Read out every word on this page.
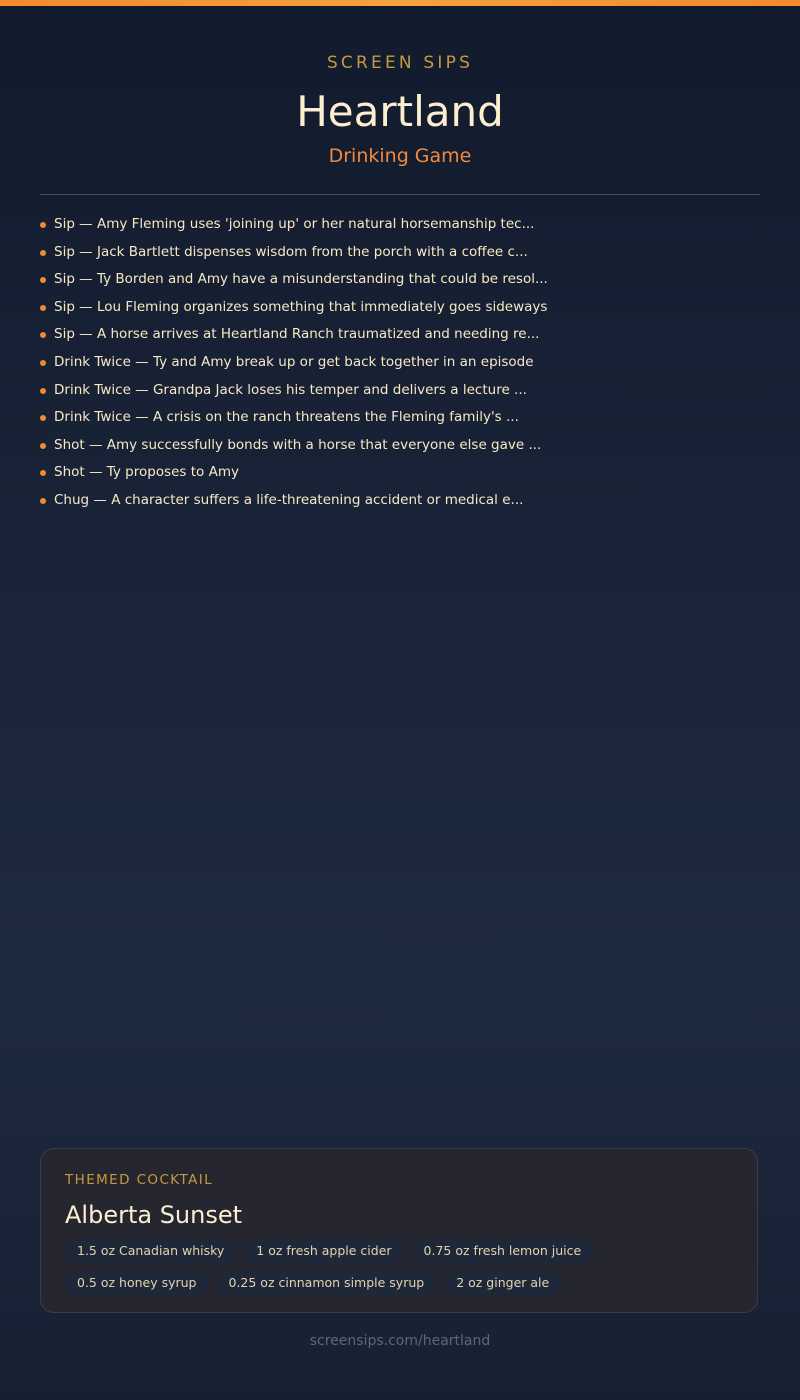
SCREEN SIPS
Heartland
Drinking Game
Sip — Amy Fleming uses 'joining up' or her natural horsemanship tec...
Sip — Jack Bartlett dispenses wisdom from the porch with a coffee c...
Sip — Ty Borden and Amy have a misunderstanding that could be resol...
Sip — Lou Fleming organizes something that immediately goes sideways
Sip — A horse arrives at Heartland Ranch traumatized and needing re...
Drink Twice — Ty and Amy break up or get back together in an episode
Drink Twice — Grandpa Jack loses his temper and delivers a lecture ...
Drink Twice — A crisis on the ranch threatens the Fleming family's ...
Shot — Amy successfully bonds with a horse that everyone else gave ...
Shot — Ty proposes to Amy
Chug — A character suffers a life-threatening accident or medical e...
THEMED COCKTAIL
Alberta Sunset
1.5 oz Canadian whisky	1 oz fresh apple cider	0.75 oz fresh lemon juice
0.5 oz honey syrup	0.25 oz cinnamon simple syrup	2 oz ginger ale
screensips.com/heartland
